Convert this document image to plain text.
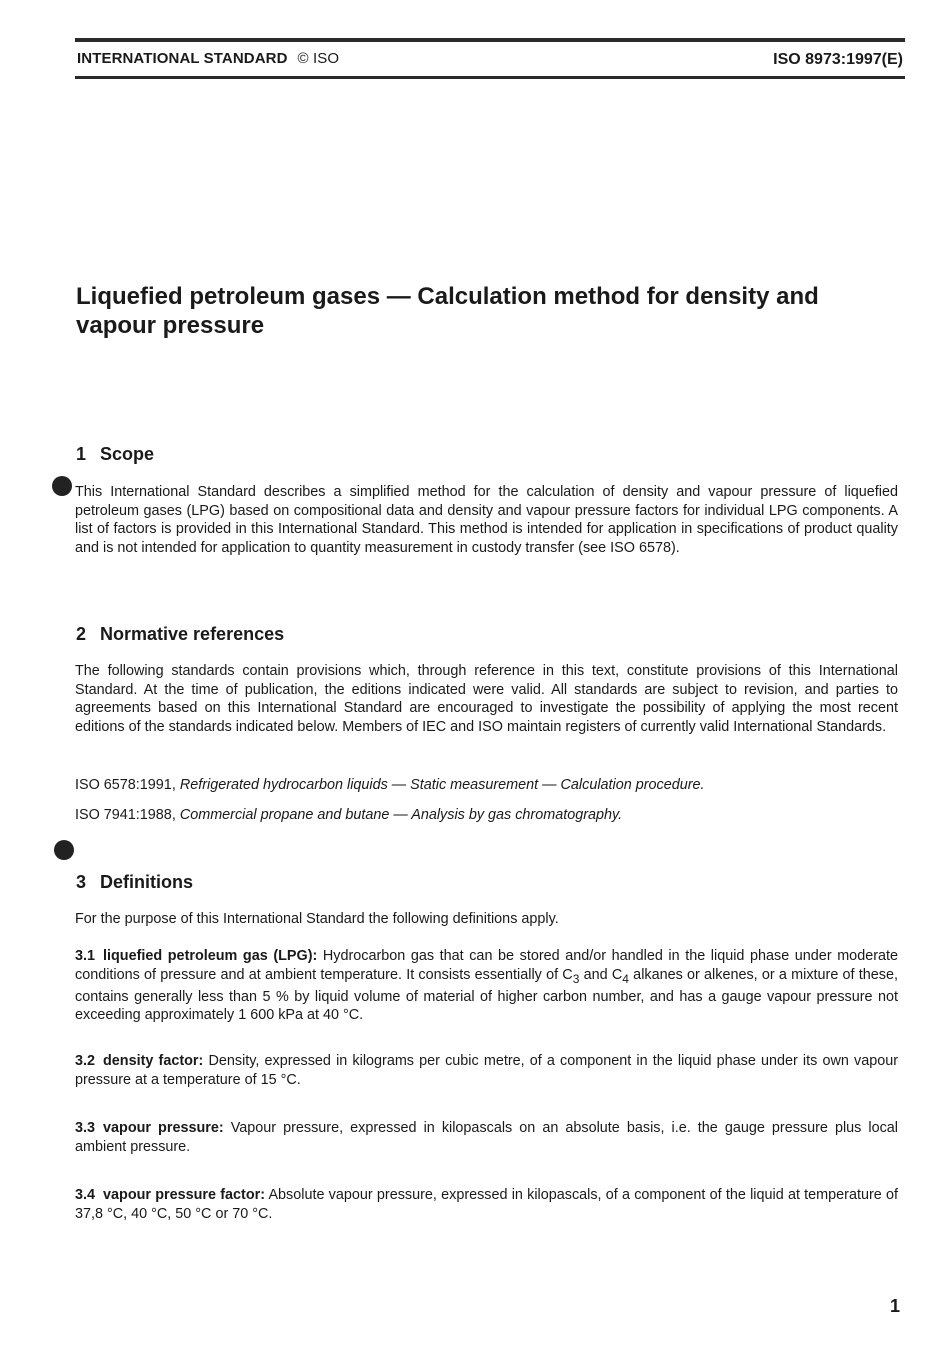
INTERNATIONAL STANDARD © ISO	ISO 8973:1997(E)
Liquefied petroleum gases — Calculation method for density and vapour pressure
1 Scope

This International Standard describes a simplified method for the calculation of density and vapour pressure of liquefied petroleum gases (LPG) based on compositional data and density and vapour pressure factors for individual LPG components. A list of factors is provided in this International Standard. This method is intended for application in specifications of product quality and is not intended for application to quantity measurement in custody transfer (see ISO 6578).

2 Normative references

The following standards contain provisions which, through reference in this text, constitute provisions of this International Standard. At the time of publication, the editions indicated were valid. All standards are subject to revision, and parties to agreements based on this International Standard are encouraged to investigate the possibility of applying the most recent editions of the standards indicated below. Members of IEC and ISO maintain registers of currently valid International Standards.

ISO 6578:1991, Refrigerated hydrocarbon liquids — Static measurement — Calculation procedure.

ISO 7941:1988, Commercial propane and butane — Analysis by gas chromatography.

3 Definitions

For the purpose of this International Standard the following definitions apply.

3.1 liquefied petroleum gas (LPG): Hydrocarbon gas that can be stored and/or handled in the liquid phase under moderate conditions of pressure and at ambient temperature. It consists essentially of $C_3$ and $C_4$ alkanes or alkenes, or a mixture of these, contains generally less than 5 % by liquid volume of material of higher carbon number, and has a gauge vapour pressure not exceeding approximately 1 600 kPa at 40 °C.

3.2 density factor: Density, expressed in kilograms per cubic metre, of a component in the liquid phase under its own vapour pressure at a temperature of 15 °C.

3.3 vapour pressure: Vapour pressure, expressed in kilopascals on an absolute basis, i.e. the gauge pressure plus local ambient pressure.

3.4 vapour pressure factor: Absolute vapour pressure, expressed in kilopascals, of a component of the liquid at temperature of 37,8 °C, 40 °C, 50 °C or 70 °C.

1
